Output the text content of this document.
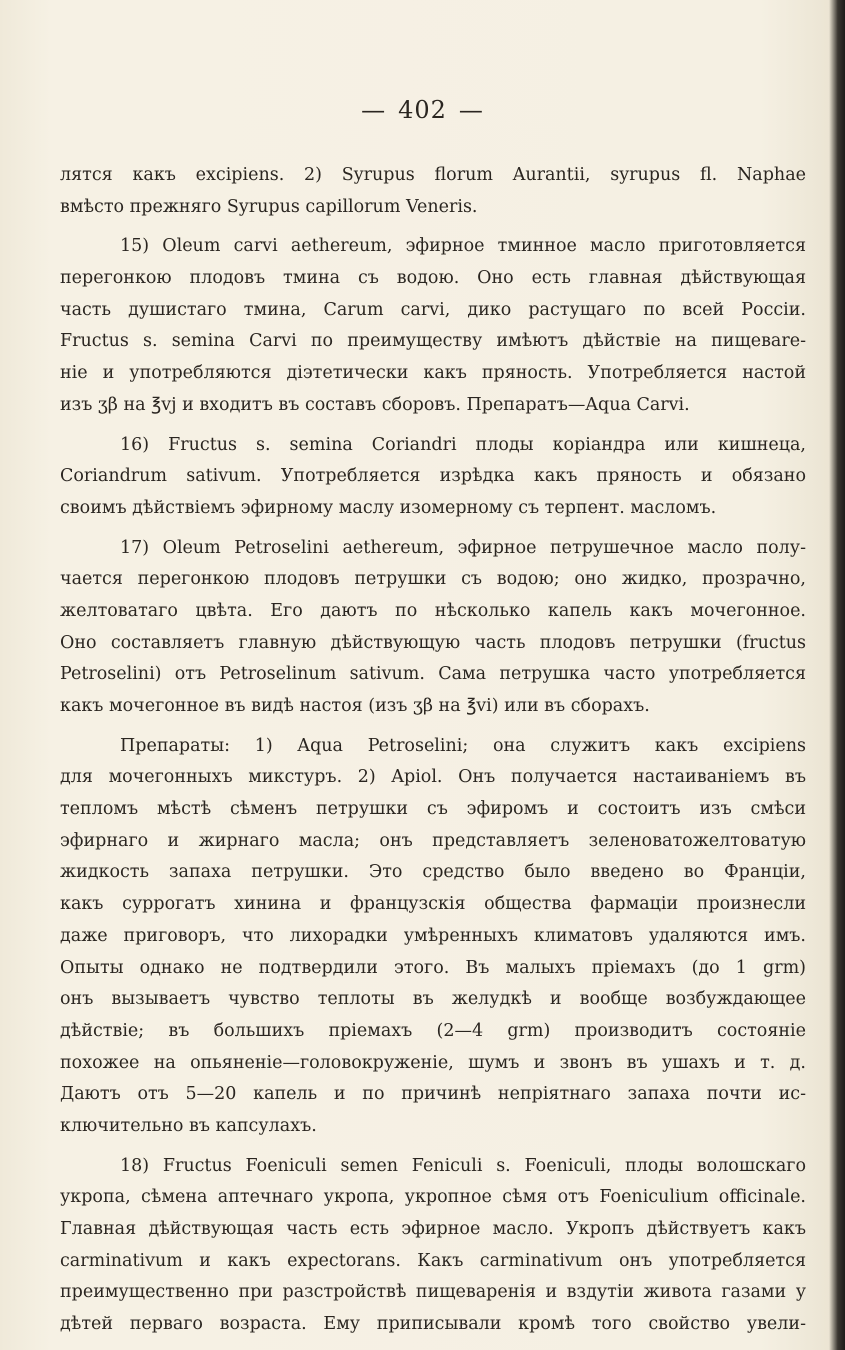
— 402 —
лятся какъ excipiens. 2) Syrupus florum Aurantii, syrupus fl. Naphae
вмѣсто прежняго Syrupus capillorum Veneris.
15) Oleum carvi aethereum, эфирное тминное масло приготовляется
перегонкою плодовъ тмина съ водою. Оно есть главная дѣйствующая
часть душистаго тмина, Carum carvi, дико растущаго по всей Россіи.
Fructus s. semina Carvi по преимуществу имѣютъ дѣйствіе на пищевare-
ніе и употребляются діэтетически какъ пряность. Употребляется настой
изъ ʒβ на ℥vj и входитъ въ составъ сборовъ. Препаратъ—Aqua Carvi.
16) Fructus s. semina Coriandri плоды коріандра или кишнеца,
Coriandrum sativum. Употребляется изрѣдка какъ пряность и обязано
своимъ дѣйствіемъ эфирному маслу изомерному съ терпент. масломъ.
17) Oleum Petroselini aethereum, эфирное петрушечное масло полу-
чается перегонкою плодовъ петрушки съ водою; оно жидко, прозрачно,
желтоватаго цвѣта. Его даютъ по нѣсколько капель какъ мочегонное.
Оно составляетъ главную дѣйствующую часть плодовъ петрушки (fructus
Petroselini) отъ Petroselinum sativum. Сама петрушка часто употребляется
какъ мочегонное въ видѣ настоя (изъ ʒβ на ℥vi) или въ сборахъ.
Препараты: 1) Aqua Petroselini; она служитъ какъ excipiens
для мочегонныхъ микстуръ. 2) Apiol. Онъ получается настаиваніемъ въ
тепломъ мѣстѣ сѣменъ петрушки съ эфиромъ и состоитъ изъ смѣси
эфирнаго и жирнаго масла; онъ представляетъ зеленоватожелтоватую
жидкость запаха петрушки. Это средство было введено во Франціи,
какъ суррогатъ хинина и французскія общества фармаціи произнесли
даже приговоръ, что лихорадки умѣренныхъ климатовъ удаляются имъ.
Опыты однако не подтвердили этого. Въ малыхъ пріемахъ (до 1 grm)
онъ вызываетъ чувство теплоты въ желудкѣ и вообще возбуждающее
дѣйствіе; въ большихъ пріемахъ (2—4 grm) производитъ состояніе
похожее на опьяненіе—головокруженіе, шумъ и звонъ въ ушахъ и т. д.
Даютъ отъ 5—20 капель и по причинѣ непріятнаго запаха почти ис-
ключительно въ капсулахъ.
18) Fructus Foeniculi semen Feniculi s. Foeniculi, плоды волошскаго
укропа, сѣмена аптечнаго укропа, укропное сѣмя отъ Foeniculium officinale.
Главная дѣйствующая часть есть эфирное масло. Укропъ дѣйствуетъ какъ
carminativum и какъ expectorans. Какъ carminativum онъ употребляется
преимущественно при разстройствѣ пищеваренія и вздутіи живота газами у
дѣтей перваго возраста. Ему приписывали кромѣ того свойство увели-
